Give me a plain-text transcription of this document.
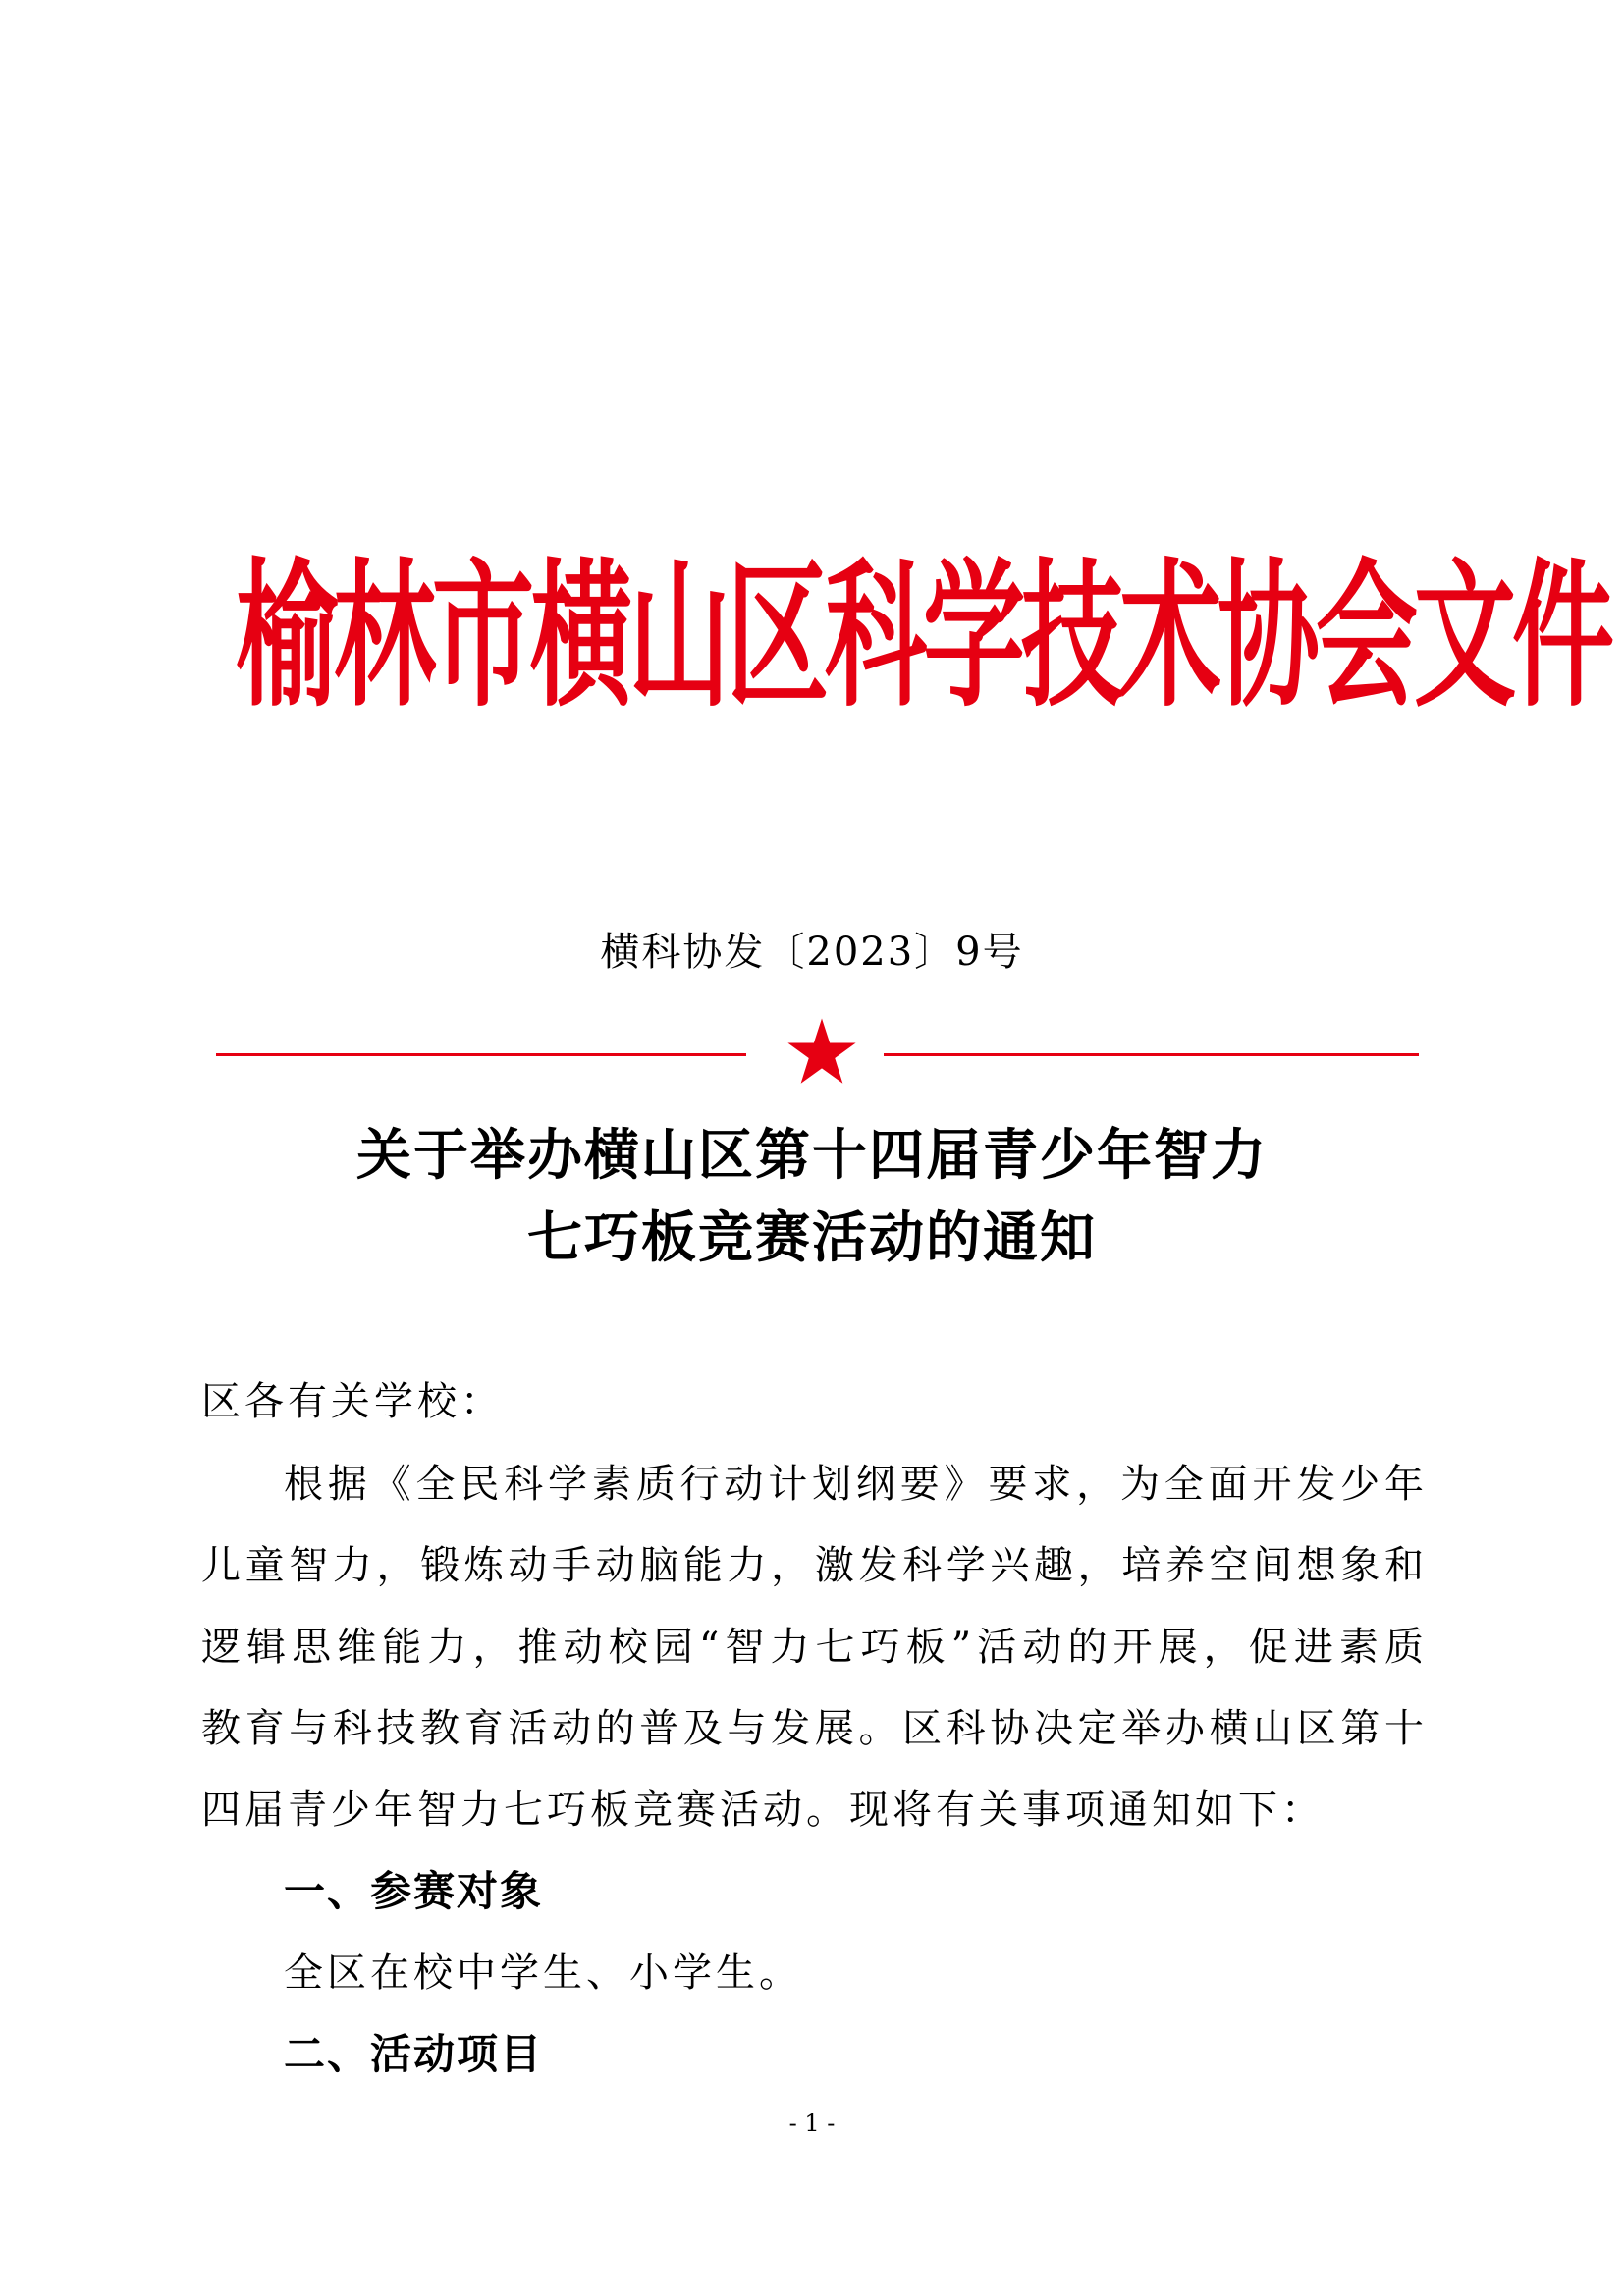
榆林市横山区科学技术协会文件
横科协发〔2023〕9号
关于举办横山区第十四届青少年智力
七巧板竞赛活动的通知
区各有关学校：
根据《全民科学素质行动计划纲要》要求，为全面开发少年
儿童智力，锻炼动手动脑能力，激发科学兴趣，培养空间想象和
逻辑思维能力，推动校园“智力七巧板”活动的开展，促进素质
教育与科技教育活动的普及与发展。区科协决定举办横山区第十
四届青少年智力七巧板竞赛活动。现将有关事项通知如下：
一、参赛对象
全区在校中学生、小学生。
二、活动项目
- 1 -
